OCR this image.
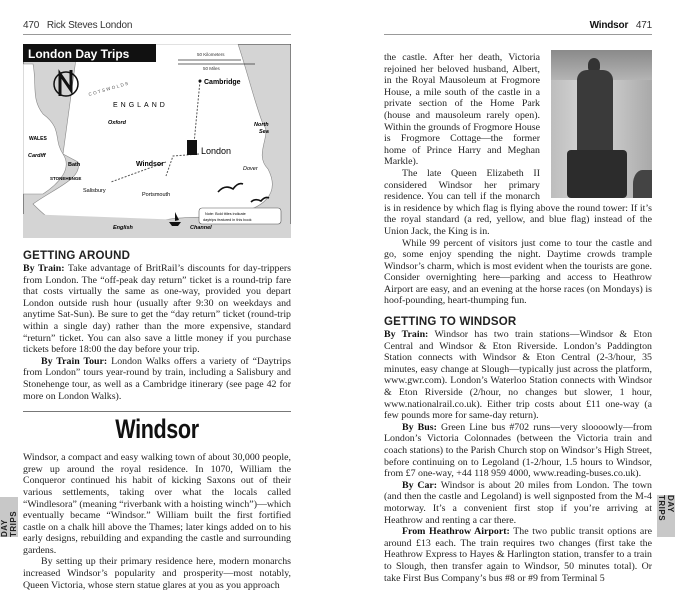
470 Rick Steves London
London Day Trips	50 Kilometers
50 Miles
Cambridge
COTSWOLDS
ENGLAND
Oxford
WALES
London
North
Sea
Cardiff
Bath	Windsor
Dover
STONEHENGE
Salisbury
Portsmouth
Note: Bold titles indicate
daytrips featured in this book
English	Channel

GETTING AROUND

By Train: Take advantage of BritRail’s discounts for day-trippers from London. The “off-peak day return” ticket is a round-trip fare that costs virtually the same as one-way, provided you depart London outside rush hour (usually after 9:30 on weekdays and anytime Sat-Sun). Be sure to get the “day return” ticket (round-trip within a single day) rather than the more expensive, standard “return” ticket. You can also save a little money if you purchase tickets before 18:00 the day before your trip.

By Train Tour: London Walks offers a variety of “Daytrips from London” tours year-round by train, including a Salisbury and Stonehenge tour, as well as a Cambridge itinerary (see page 42 for more on London Walks).

Windsor

Windsor, a compact and easy walking town of about 30,000 people, grew up around the royal residence. In 1070, William the Conqueror continued his habit of kicking Saxons out of their various settlements, taking over what the locals called “Windlesora” (meaning “riverbank with a hoisting winch”)—which eventually became “Windsor.” William built the first fortified castle on a chalk hill above the Thames; later kings added on to his early designs, rebuilding and expanding the castle and surrounding gardens.

By setting up their primary residence here, modern monarchs increased Windsor’s popularity and prosperity—most notably, Queen Victoria, whose stern statue glares at you as you approach

DAY TRIPS
Windsor 471

the castle. After her death, Victoria rejoined her beloved husband, Albert, in the Royal Mausoleum at Frogmore House, a mile south of the castle in a private section of the Home Park (house and mausoleum rarely open). Within the grounds of Frogmore House is Frogmore Cottage—the former home of Prince Harry and Meghan Markle).

The late Queen Elizabeth II considered Windsor her primary residence. You can tell if the monarch is in residence by which flag is flying above the round tower: If it’s the royal standard (a red, yellow, and blue flag) instead of the Union Jack, the King is in.

While 99 percent of visitors just come to tour the castle and go, some enjoy spending the night. Daytime crowds trample Windsor’s charm, which is most evident when the tourists are gone. Consider overnighting here—parking and access to Heathrow Airport are easy, and an evening at the horse races (on Mondays) is hoof-pounding, heart-thumping fun.

GETTING TO WINDSOR

By Train: Windsor has two train stations—Windsor & Eton Central and Windsor & Eton Riverside. London’s Paddington Station connects with Windsor & Eton Central (2-3/hour, 35 minutes, easy change at Slough—typically just across the platform, www.gwr.com). London’s Waterloo Station connects with Windsor & Eton Riverside (2/hour, no changes but slower, 1 hour, www.nationalrail.co.uk). Either trip costs about £11 one-way (a few pounds more for same-day return).

By Bus: Green Line bus #702 runs—very sloooowly—from London’s Victoria Colonnades (between the Victoria train and coach stations) to the Parish Church stop on Windsor’s High Street, before continuing on to Legoland (1-2/hour, 1.5 hours to Windsor, from £7 one-way, +44 118 959 4000, www.reading-buses.co.uk).

By Car: Windsor is about 20 miles from London. The town (and then the castle and Legoland) is well signposted from the M-4 motorway. It’s a convenient first stop if you’re arriving at Heathrow and renting a car there.

From Heathrow Airport: The two public transit options are around £13 each. The train requires two changes (first take the Heathrow Express to Hayes & Harlington station, transfer to a train to Slough, then transfer again to Windsor, 50 minutes total). Or take First Bus Company’s bus #8 or #9 from Terminal 5

DAY TRIPS
